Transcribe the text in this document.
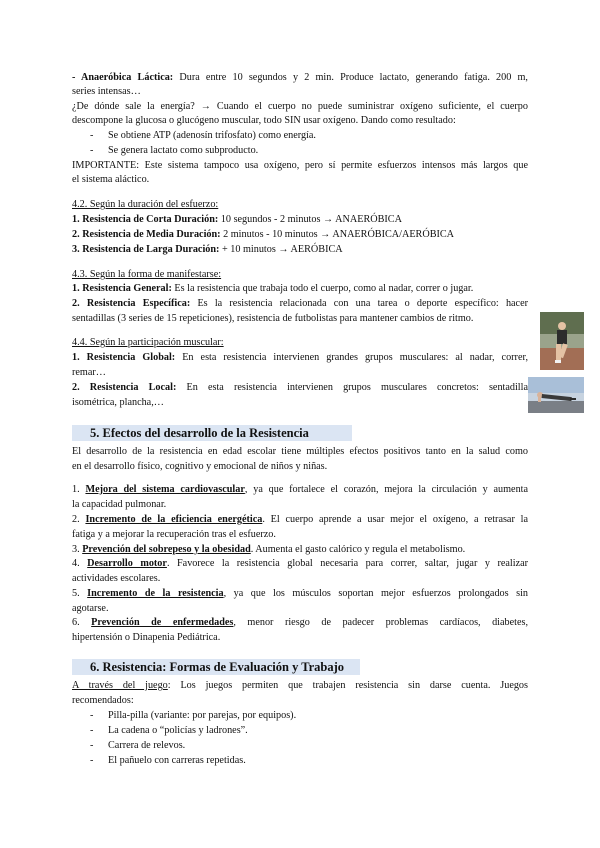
- Anaeróbica Láctica: Dura entre 10 segundos y 2 min. Produce lactato, generando fatiga. 200 m,
series intensas…
¿De dónde sale la energía? → Cuando el cuerpo no puede suministrar oxígeno suficiente, el cuerpo
descompone la glucosa o glucógeno muscular, todo SIN usar oxígeno. Dando como resultado:
- Se obtiene ATP (adenosín trifosfato) como energía.
- Se genera lactato como subproducto.
IMPORTANTE: Este sistema tampoco usa oxígeno, pero sí permite esfuerzos intensos más largos que
el sistema aláctico.
4.2. Según la duración del esfuerzo:
1. Resistencia de Corta Duración: 10 segundos - 2 minutos → ANAERÓBICA
2. Resistencia de Media Duración: 2 minutos - 10 minutos → ANAERÓBICA/AERÓBICA
3. Resistencia de Larga Duración: + 10 minutos → AERÓBICA
4.3. Según la forma de manifestarse:
1. Resistencia General: Es la resistencia que trabaja todo el cuerpo, como al nadar, correr o jugar.
2. Resistencia Específica: Es la resistencia relacionada con una tarea o deporte específico: hacer
sentadillas (3 series de 15 repeticiones), resistencia de futbolistas para mantener cambios de ritmo.
4.4. Según la participación muscular:
1. Resistencia Global: En esta resistencia intervienen grandes grupos musculares: al nadar, correr,
remar…
2. Resistencia Local: En esta resistencia intervienen grupos musculares concretos: sentadilla
isométrica, plancha,…
5. Efectos del desarrollo de la Resistencia
El desarrollo de la resistencia en edad escolar tiene múltiples efectos positivos tanto en la salud como
en el desarrollo físico, cognitivo y emocional de niños y niñas.
1. Mejora del sistema cardiovascular, ya que fortalece el corazón, mejora la circulación y aumenta
la capacidad pulmonar.
2. Incremento de la eficiencia energética. El cuerpo aprende a usar mejor el oxígeno, a retrasar la
fatiga y a mejorar la recuperación tras el esfuerzo.
3. Prevención del sobrepeso y la obesidad. Aumenta el gasto calórico y regula el metabolismo.
4. Desarrollo motor. Favorece la resistencia global necesaria para correr, saltar, jugar y realizar
actividades escolares.
5. Incremento de la resistencia, ya que los músculos soportan mejor esfuerzos prolongados sin
agotarse.
6. Prevención de enfermedades, menor riesgo de padecer problemas cardíacos, diabetes,
hipertensión o Dinapenia Pediátrica.
6. Resistencia: Formas de Evaluación y Trabajo
A través del juego: Los juegos permiten que trabajen resistencia sin darse cuenta. Juegos
recomendados:
- Pilla-pilla (variante: por parejas, por equipos).
- La cadena o “policías y ladrones”.
- Carrera de relevos.
- El pañuelo con carreras repetidas.
